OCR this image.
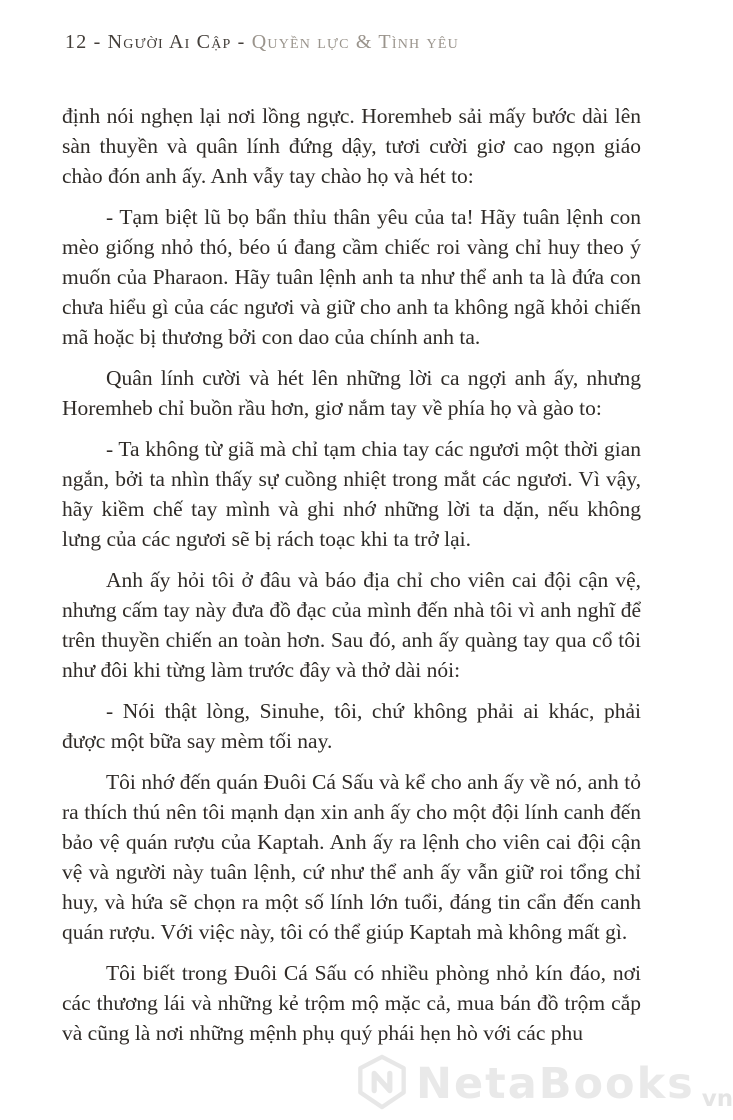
12 - Người Ai Cập - Quyền lực & Tình yêu

định nói nghẹn lại nơi lồng ngực. Horemheb sải mấy bước dài lên sàn thuyền và quân lính đứng dậy, tươi cười giơ cao ngọn giáo chào đón anh ấy. Anh vẫy tay chào họ và hét to:

- Tạm biệt lũ bọ bẩn thỉu thân yêu của ta! Hãy tuân lệnh con mèo giống nhỏ thó, béo ú đang cầm chiếc roi vàng chỉ huy theo ý muốn của Pharaon. Hãy tuân lệnh anh ta như thể anh ta là đứa con chưa hiểu gì của các ngươi và giữ cho anh ta không ngã khỏi chiến mã hoặc bị thương bởi con dao của chính anh ta.

Quân lính cười và hét lên những lời ca ngợi anh ấy, nhưng Horemheb chỉ buồn rầu hơn, giơ nắm tay về phía họ và gào to:

- Ta không từ giã mà chỉ tạm chia tay các ngươi một thời gian ngắn, bởi ta nhìn thấy sự cuồng nhiệt trong mắt các ngươi. Vì vậy, hãy kiềm chế tay mình và ghi nhớ những lời ta dặn, nếu không lưng của các ngươi sẽ bị rách toạc khi ta trở lại.

Anh ấy hỏi tôi ở đâu và báo địa chỉ cho viên cai đội cận vệ, nhưng cấm tay này đưa đồ đạc của mình đến nhà tôi vì anh nghĩ để trên thuyền chiến an toàn hơn. Sau đó, anh ấy quàng tay qua cổ tôi như đôi khi từng làm trước đây và thở dài nói:

- Nói thật lòng, Sinuhe, tôi, chứ không phải ai khác, phải được một bữa say mèm tối nay.

Tôi nhớ đến quán Đuôi Cá Sấu và kể cho anh ấy về nó, anh tỏ ra thích thú nên tôi mạnh dạn xin anh ấy cho một đội lính canh đến bảo vệ quán rượu của Kaptah. Anh ấy ra lệnh cho viên cai đội cận vệ và người này tuân lệnh, cứ như thể anh ấy vẫn giữ roi tổng chỉ huy, và hứa sẽ chọn ra một số lính lớn tuổi, đáng tin cẩn đến canh quán rượu. Với việc này, tôi có thể giúp Kaptah mà không mất gì.

Tôi biết trong Đuôi Cá Sấu có nhiều phòng nhỏ kín đáo, nơi các thương lái và những kẻ trộm mộ mặc cả, mua bán đồ trộm cắp và cũng là nơi những mệnh phụ quý phái hẹn hò với các phu

NetaBooks vn
